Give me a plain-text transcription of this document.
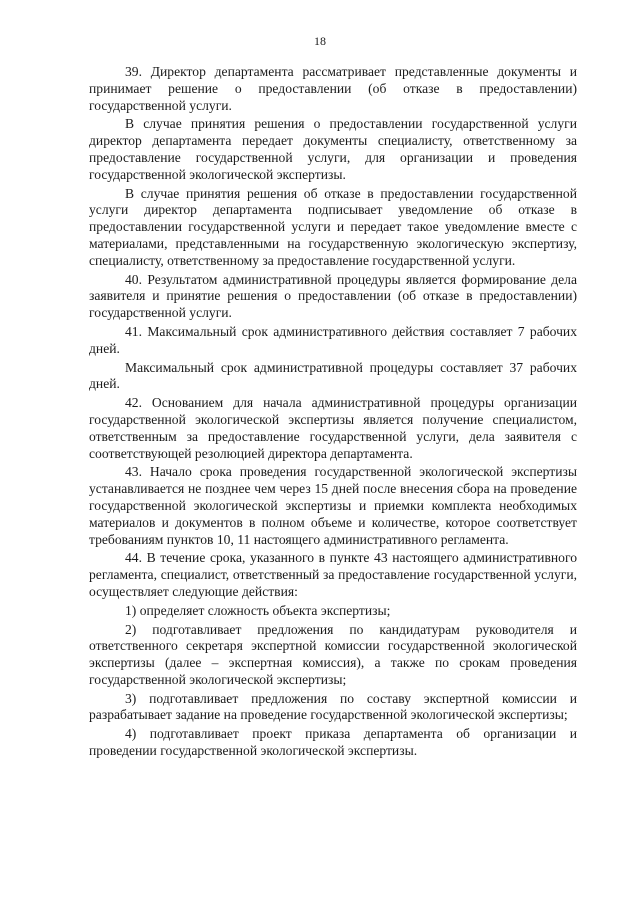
18

39. Директор департамента рассматривает представленные документы и принимает решение о предоставлении (об отказе в предоставлении) государственной услуги.

В случае принятия решения о предоставлении государственной услуги директор департамента передает документы специалисту, ответственному за предоставление государственной услуги, для организации и проведения государственной экологической экспертизы.

В случае принятия решения об отказе в предоставлении государственной услуги директор департамента подписывает уведомление об отказе в предоставлении государственной услуги и передает такое уведомление вместе с материалами, представленными на государственную экологическую экспертизу, специалисту, ответственному за предоставление государственной услуги.

40. Результатом административной процедуры является формирование дела заявителя и принятие решения о предоставлении (об отказе в предоставлении) государственной услуги.

41. Максимальный срок административного действия составляет 7 рабочих дней.

Максимальный срок административной процедуры составляет 37 рабочих дней.

42. Основанием для начала административной процедуры организации государственной экологической экспертизы является получение специалистом, ответственным за предоставление государственной услуги, дела заявителя с соответствующей резолюцией директора департамента.

43. Начало срока проведения государственной экологической экспертизы устанавливается не позднее чем через 15 дней после внесения сбора на проведение государственной экологической экспертизы и приемки комплекта необходимых материалов и документов в полном объеме и количестве, которое соответствует требованиям пунктов 10, 11 настоящего административного регламента.

44. В течение срока, указанного в пункте 43 настоящего административного регламента, специалист, ответственный за предоставление государственной услуги, осуществляет следующие действия:

1) определяет сложность объекта экспертизы;

2) подготавливает предложения по кандидатурам руководителя и ответственного секретаря экспертной комиссии государственной экологической экспертизы (далее – экспертная комиссия), а также по срокам проведения государственной экологической экспертизы;

3) подготавливает предложения по составу экспертной комиссии и разрабатывает задание на проведение государственной экологической экспертизы;

4) подготавливает проект приказа департамента об организации и проведении государственной экологической экспертизы.
